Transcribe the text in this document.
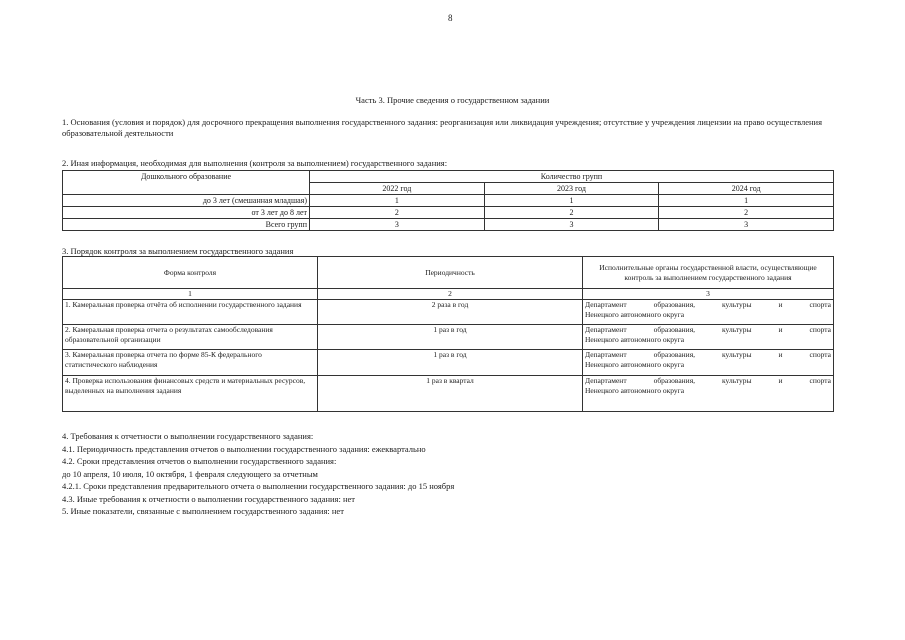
8
Часть 3. Прочие сведения о государственном задании
1. Основания (условия и порядок) для досрочного прекращения выполнения государственного задания: реорганизация или ликвидация учреждения; отсутствие у учреждения лицензии на право осуществления образовательной деятельности
2. Иная информация, необходимая для выполнения (контроля за выполнением) государственного задания:
Дошкольного образование	Количество групп		
	2022 год	2023 год	2024 год
до 3 лет (смешанная младшая)	1	1	1
от 3 лет до 8 лет	2	2	2
Всего групп	3	3	3
3. Порядок контроля за выполнением государственного задания
Форма контроля	Периодичность	Исполнительные органы государственной власти, осуществляющие контроль за выполнением государственного задания
1	2	3
1. Камеральная проверка отчёта об исполнении государственного задания	2 раза в год	Департамент образования, культуры и спорта
Ненецкого автономного округа

2. Камеральная проверка отчета о результатах самообследования образовательной организации	1 раз в год	Департамент образования, культуры и спорта
Ненецкого автономного округа

3. Камеральная проверка отчета по форме 85-К федерального статистического наблюдения	1 раз в год	Департамент образования, культуры и спорта
Ненецкого автономного округа

4. Проверка использования финансовых средств и материальных ресурсов, выделенных на выполнения задания	1 раз в квартал	Департамент образования, культуры и спорта
Ненецкого автономного округа
4. Требования к отчетности о выполнении государственного задания:
4.1. Периодичность представления отчетов о выполнении государственного задания: ежеквартально
4.2. Сроки представления отчетов о выполнении государственного задания:
до 10 апреля, 10 июля, 10 октября, 1 февраля следующего за отчетным
4.2.1. Сроки представления предварительного отчета о выполнении государственного задания: до 15 ноября
4.3. Иные требования к отчетности о выполнении государственного задания: нет
5. Иные показатели, связанные с выполнением государственного задания: нет
